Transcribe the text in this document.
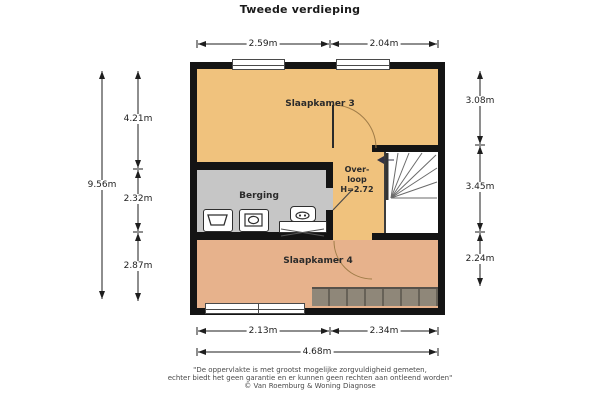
Tweede verdieping
Slaapkamer 3
Berging
Slaapkamer 4
Over-
loop
H=2.72
2.59m	2.04m
9.56m
4.21m
2.32m
2.87m
3.08m
3.45m
2.24m
2.13m	2.34m
4.68m
"De oppervlakte is met grootst mogelijke zorgvuldigheid gemeten,
echter biedt het geen garantie en er kunnen geen rechten aan ontleend worden"
© Van Roemburg & Woning Diagnose
